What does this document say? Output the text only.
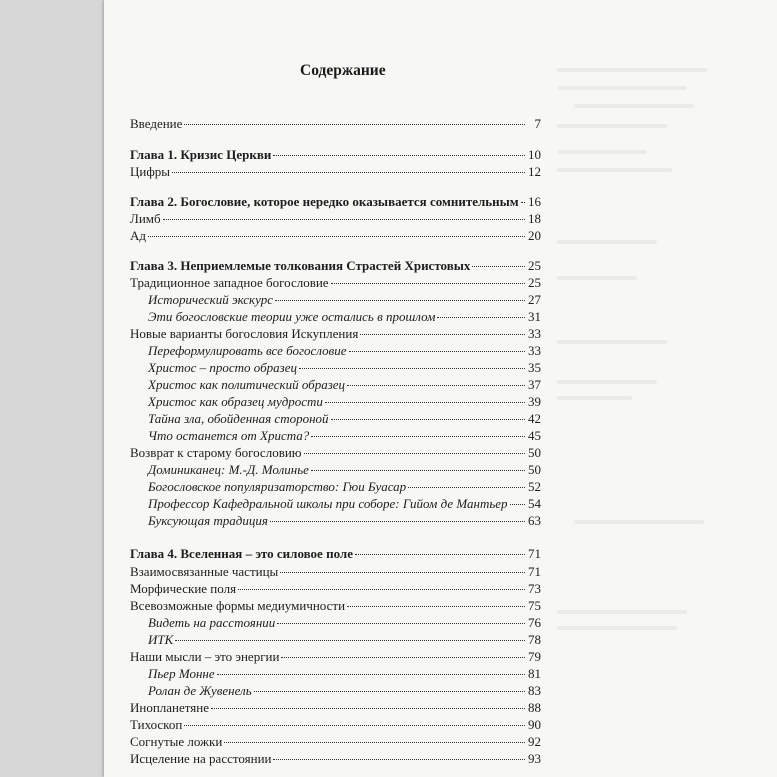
Содержание
Введение	7
Глава 1. Кризис Церкви	10
Цифры	12
Глава 2. Богословие, которое нередко оказывается сомнительным 16
Лимб	18
Ад	20
Глава 3. Неприемлемые толкования Страстей Христовых	25
Традиционное западное богословие	25
Исторический экскурс	27
Эти богословские теории уже остались в прошлом	31
Новые варианты богословия Искупления	33
Переформулировать все богословие	33
Христос – просто образец	35
Христос как политический образец	37
Христос как образец мудрости	39
Тайна зла, обойденная стороной	42
Что останется от Христа?	45
Возврат к старому богословию	50
Доминиканец: М.-Д. Молинье	50
Богословское популяризаторство: Гюи Буасар	52
Профессор Кафедральной школы при соборе: Гийом де Мантьер 54
Буксующая традиция	63
Глава 4. Вселенная – это силовое поле	71
Взаимосвязанные частицы	71
Морфические поля	73
Всевозможные формы медиумичности	75
Видеть на расстоянии	76
ИТК	78
Наши мысли – это энергии	79
Пьер Монне	81
Ролан де Жувенель	83
Инопланетяне	88
Тихоскоп	90
Согнутые ложки	92
Исцеление на расстоянии	93
